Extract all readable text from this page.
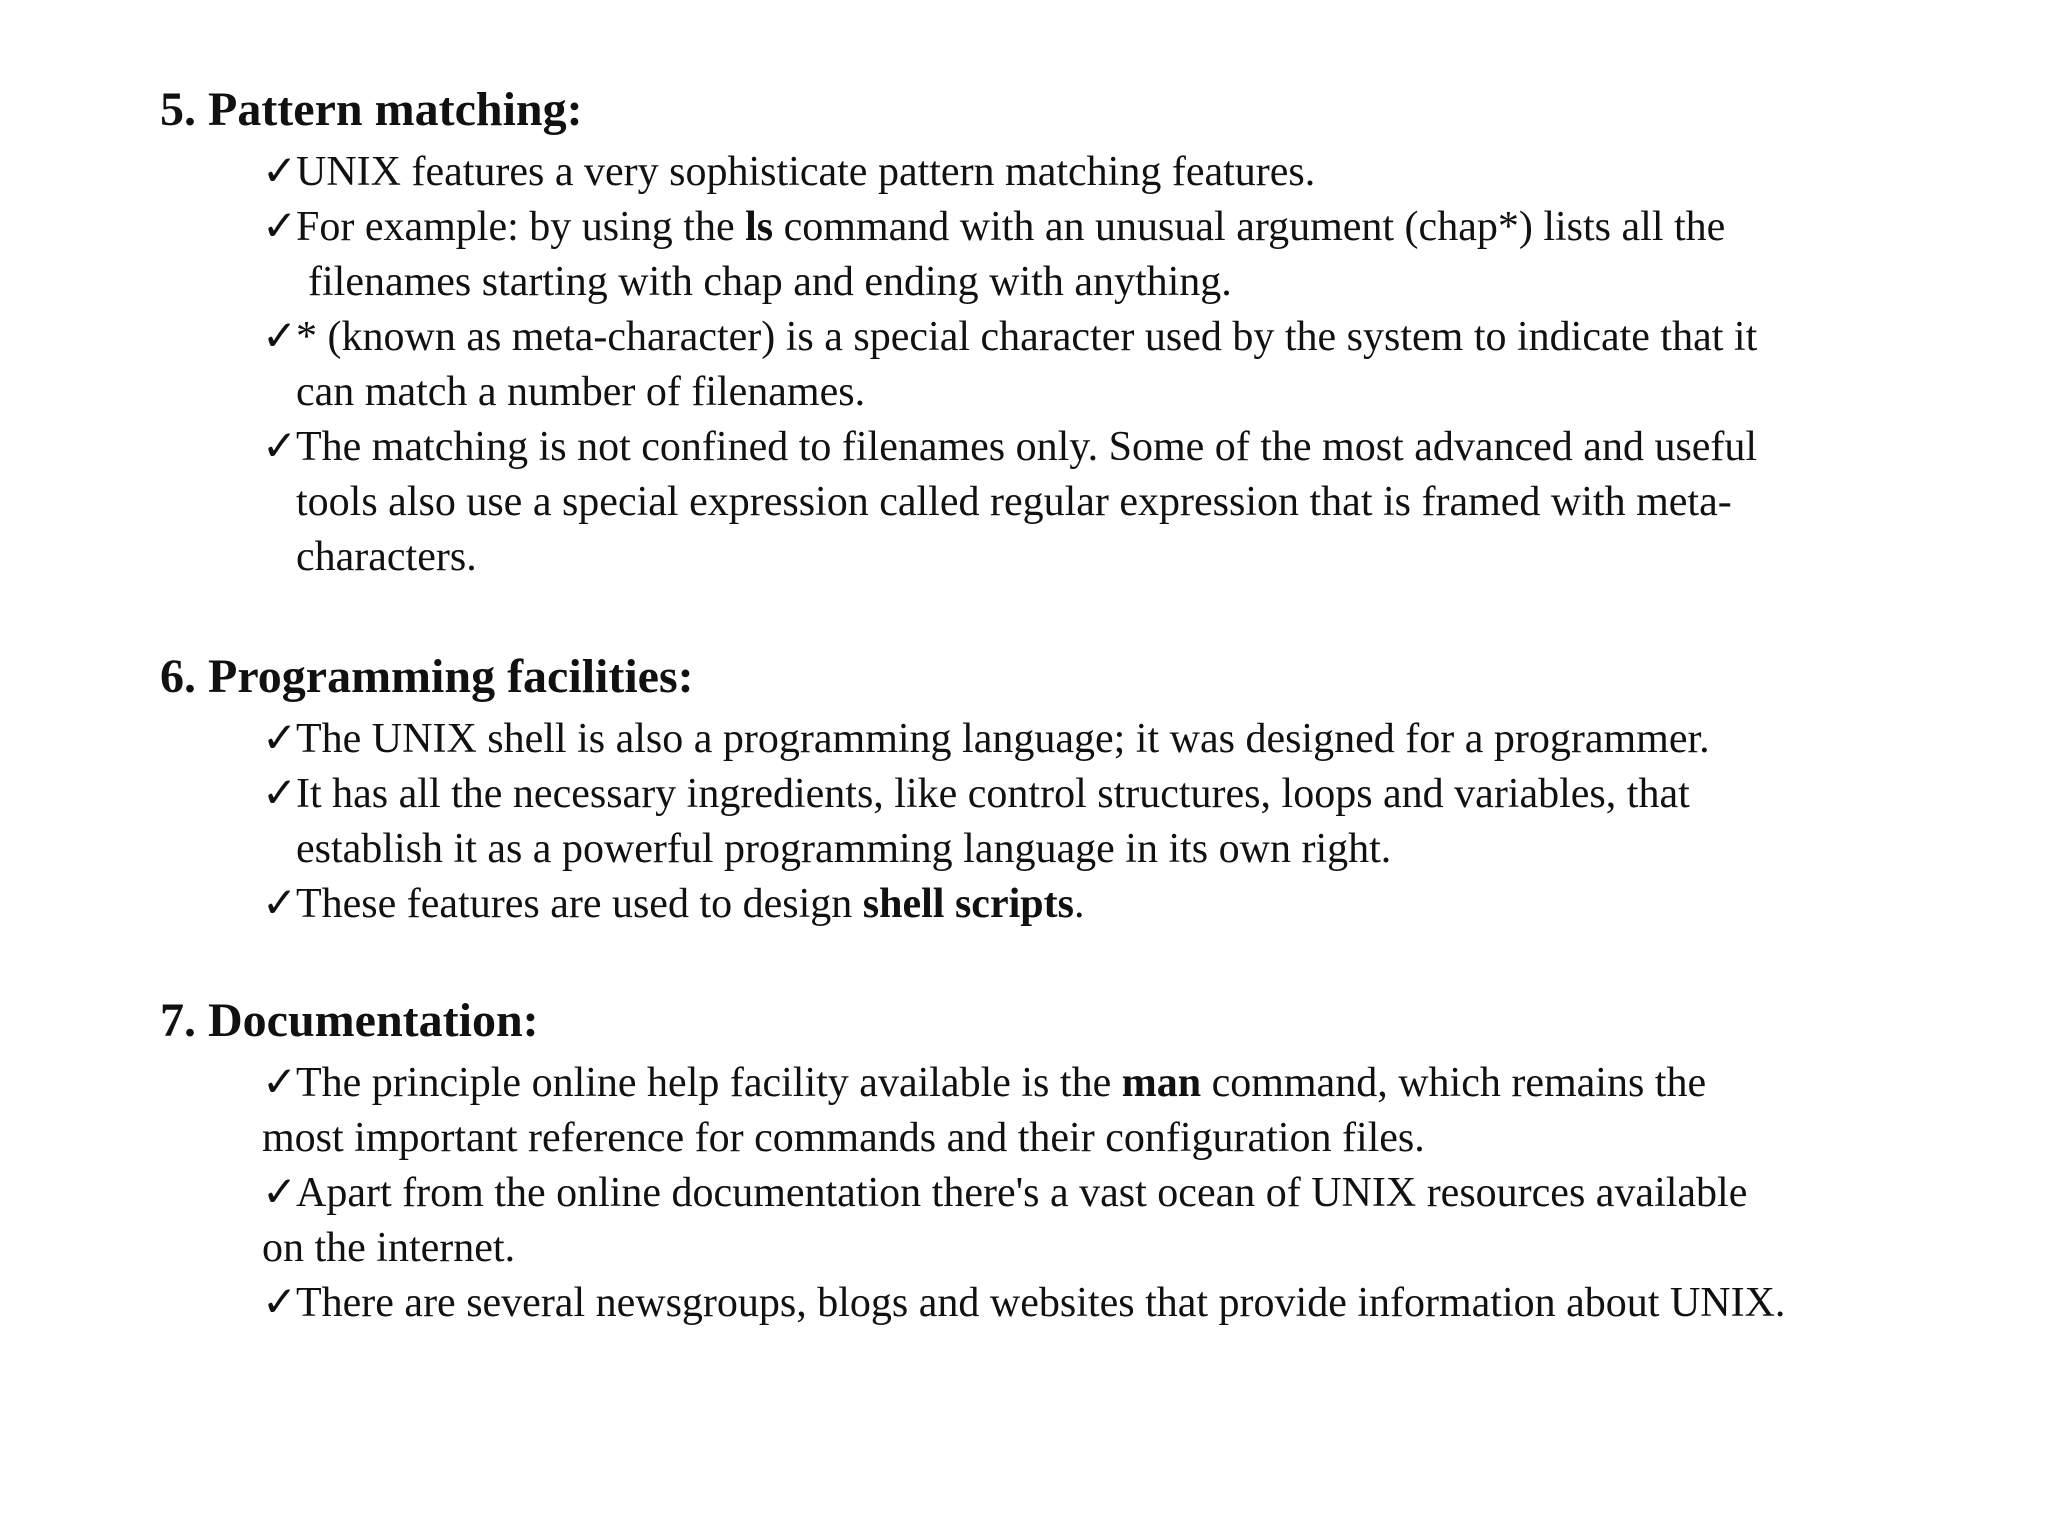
5. Pattern matching:
✓UNIX features a very sophisticate pattern matching features.
✓For example: by using the ls command with an unusual argument (chap*) lists all the
filenames starting with chap and ending with anything.
✓* (known as meta-character) is a special character used by the system to indicate that it
can match a number of filenames.
✓The matching is not confined to filenames only. Some of the most advanced and useful
tools also use a special expression called regular expression that is framed with meta-
characters.
6. Programming facilities:
✓The UNIX shell is also a programming language; it was designed for a programmer.
✓It has all the necessary ingredients, like control structures, loops and variables, that
establish it as a powerful programming language in its own right.
✓These features are used to design shell scripts.
7. Documentation:
✓The principle online help facility available is the man command, which remains the
most important reference for commands and their configuration files.
✓Apart from the online documentation there's a vast ocean of UNIX resources available
on the internet.
✓There are several newsgroups, blogs and websites that provide information about UNIX.
